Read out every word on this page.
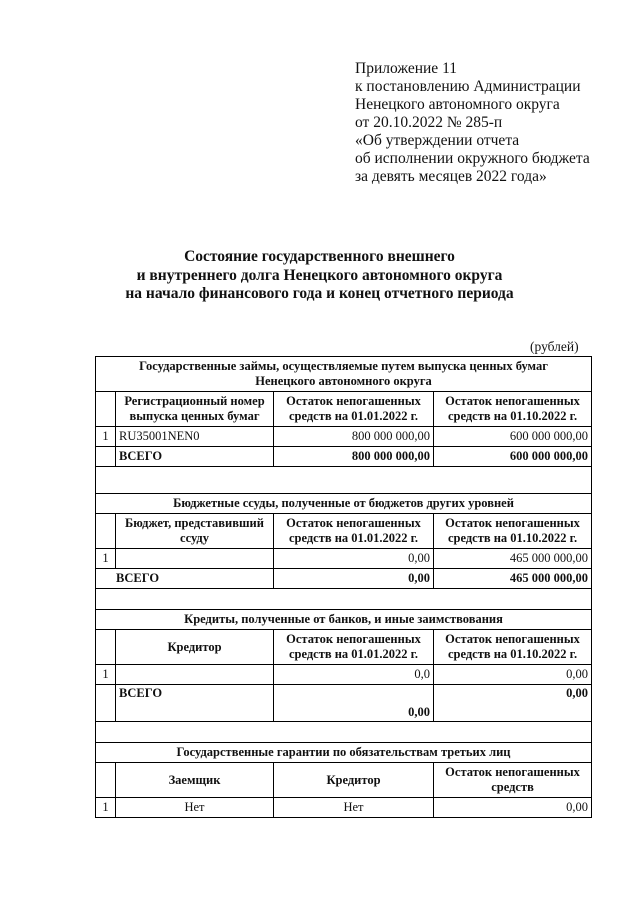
Приложение 11
к постановлению Администрации
Ненецкого автономного округа
от 20.10.2022 № 285-п
«Об утверждении отчета
об исполнении окружного бюджета
за девять месяцев 2022 года»
Состояние государственного внешнего
и внутреннего долга Ненецкого автономного округа
на начало финансового года и конец отчетного периода
(рублей)
Государственные займы, осуществляемые путем выпуска ценных бумаг
Ненецкого автономного округа			

	Регистрационный номер выпуска ценных бумаг	Остаток непогашенных средств на 01.01.2022 г.	Остаток непогашенных средств на 01.10.2022 г.
1	RU35001NEN0	800 000 000,00	600 000 000,00
	ВСЕГО	800 000 000,00	600 000 000,00

Бюджетные ссуды, полученные от бюджетов других уровней			
	Бюджет, представивший ссуду	Остаток непогашенных средств на 01.01.2022 г.	Остаток непогашенных средств на 01.10.2022 г.
1		0,00	465 000 000,00
ВСЕГО		0,00	465 000 000,00

Кредиты, полученные от банков, и иные заимствования			
	Кредитор	Остаток непогашенных средств на 01.01.2022 г.	Остаток непогашенных средств на 01.10.2022 г.
1		0,0	0,00
	ВСЕГО	0,00	0,00

Государственные гарантии по обязательствам третьих лиц			
	Заемщик	Кредитор	Остаток непогашенных средств
1	Нет	Нет	0,00
